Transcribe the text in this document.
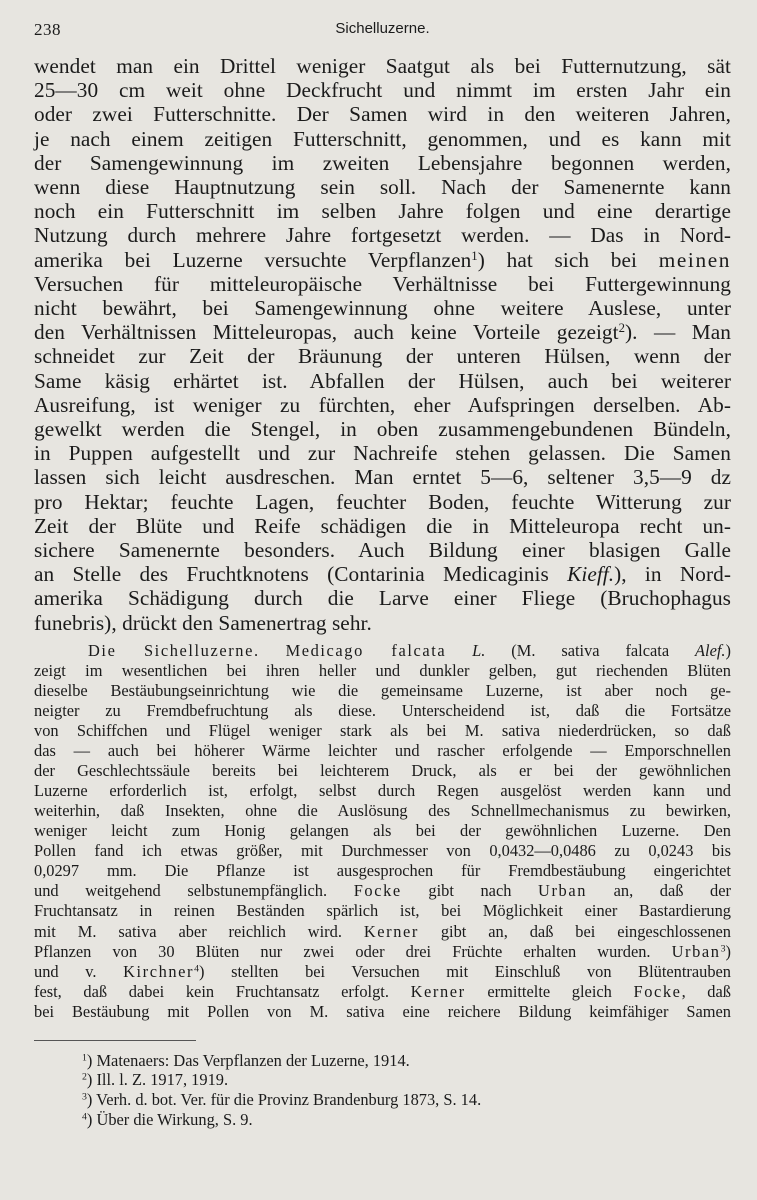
238	Sichelluzerne.
wendet man ein Drittel weniger Saatgut als bei Futternutzung, sät
25—30 cm weit ohne Deckfrucht und nimmt im ersten Jahr ein
oder zwei Futterschnitte. Der Samen wird in den weiteren Jahren,
je nach einem zeitigen Futterschnitt, genommen, und es kann mit
der Samengewinnung im zweiten Lebensjahre begonnen werden,
wenn diese Hauptnutzung sein soll. Nach der Samenernte kann
noch ein Futterschnitt im selben Jahre folgen und eine derartige
Nutzung durch mehrere Jahre fortgesetzt werden. — Das in Nord-
amerika bei Luzerne versuchte Verpflanzen$^1$) hat sich bei meinen
Versuchen für mitteleuropäische Verhältnisse bei Futtergewinnung
nicht bewährt, bei Samengewinnung ohne weitere Auslese, unter
den Verhältnissen Mitteleuropas, auch keine Vorteile gezeigt$^2$). — Man
schneidet zur Zeit der Bräunung der unteren Hülsen, wenn der
Same käsig erhärtet ist. Abfallen der Hülsen, auch bei weiterer
Ausreifung, ist weniger zu fürchten, eher Aufspringen derselben. Ab-
gewelkt werden die Stengel, in oben zusammengebundenen Bündeln,
in Puppen aufgestellt und zur Nachreife stehen gelassen. Die Samen
lassen sich leicht ausdreschen. Man erntet 5—6, seltener 3,5—9 dz
pro Hektar; feuchte Lagen, feuchter Boden, feuchte Witterung zur
Zeit der Blüte und Reife schädigen die in Mitteleuropa recht un-
sichere Samenernte besonders. Auch Bildung einer blasigen Galle
an Stelle des Fruchtknotens (Contarinia Medicaginis Kieff.), in Nord-
amerika Schädigung durch die Larve einer Fliege (Bruchophagus
funebris), drückt den Samenertrag sehr.
Die Sichelluzerne. Medicago falcata L. (M. sativa falcata Alef.)
zeigt im wesentlichen bei ihren heller und dunkler gelben, gut riechenden Blüten
dieselbe Bestäubungseinrichtung wie die gemeinsame Luzerne, ist aber noch ge-
neigter zu Fremdbefruchtung als diese. Unterscheidend ist, daß die Fortsätze
von Schiffchen und Flügel weniger stark als bei M. sativa niederdrücken, so daß
das — auch bei höherer Wärme leichter und rascher erfolgende — Emporschnellen
der Geschlechtssäule bereits bei leichterem Druck, als er bei der gewöhnlichen
Luzerne erforderlich ist, erfolgt, selbst durch Regen ausgelöst werden kann und
weiterhin, daß Insekten, ohne die Auslösung des Schnellmechanismus zu bewirken,
weniger leicht zum Honig gelangen als bei der gewöhnlichen Luzerne. Den
Pollen fand ich etwas größer, mit Durchmesser von 0,0432—0,0486 zu 0,0243 bis
0,0297 mm. Die Pflanze ist ausgesprochen für Fremdbestäubung eingerichtet
und weitgehend selbstunempfänglich. Focke gibt nach Urban an, daß der
Fruchtansatz in reinen Beständen spärlich ist, bei Möglichkeit einer Bastardierung
mit M. sativa aber reichlich wird. Kerner gibt an, daß bei eingeschlossenen
Pflanzen von 30 Blüten nur zwei oder drei Früchte erhalten wurden. Urban$^3$)
und v. Kirchner$^4$) stellten bei Versuchen mit Einschluß von Blütentrauben
fest, daß dabei kein Fruchtansatz erfolgt. Kerner ermittelte gleich Focke, daß
bei Bestäubung mit Pollen von M. sativa eine reichere Bildung keimfähiger Samen
$^1$) Matenaers: Das Verpflanzen der Luzerne, 1914.
$^2$) Ill. l. Z. 1917, 1919.
$^3$) Verh. d. bot. Ver. für die Provinz Brandenburg 1873, S. 14.
$^4$) Über die Wirkung, S. 9.
